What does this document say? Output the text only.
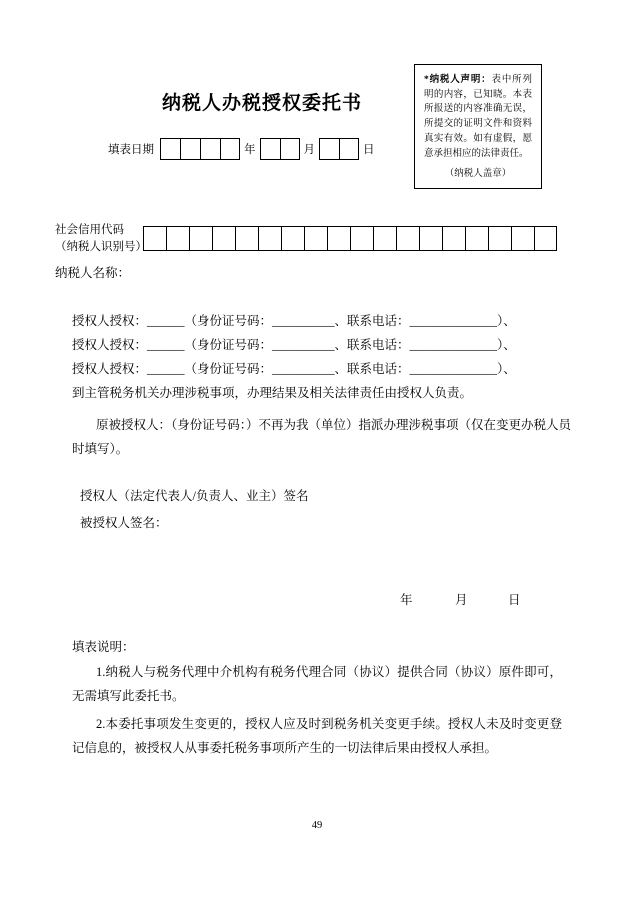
*纳税人声明：表中所列明的内容，已知晓。本表所报送的内容准确无误，所提交的证明文件和资料真实有效。如有虚假，愿意承担相应的法律责任。
（纳税人盖章）
纳税人办税授权委托书
填表日期	年	月	日
社会信用代码
（纳税人识别号）
纳税人名称：
授权人授权：______（身份证号码：__________、联系电话：______________）、
授权人授权：______（身份证号码：__________、联系电话：______________）、
授权人授权：______（身份证号码：__________、联系电话：______________）、
到主管税务机关办理涉税事项，办理结果及相关法律责任由授权人负责。
原被授权人：（身份证号码：）不再为我（单位）指派办理涉税事项（仅在变更办税人员时填写）。
授权人（法定代表人/负责人、业主）签名
被授权人签名：
年	月	日
填表说明：
1.纳税人与税务代理中介机构有税务代理合同（协议）提供合同（协议）原件即可，无需填写此委托书。
2.本委托事项发生变更的，授权人应及时到税务机关变更手续。授权人未及时变更登记信息的，被授权人从事委托税务事项所产生的一切法律后果由授权人承担。
49
